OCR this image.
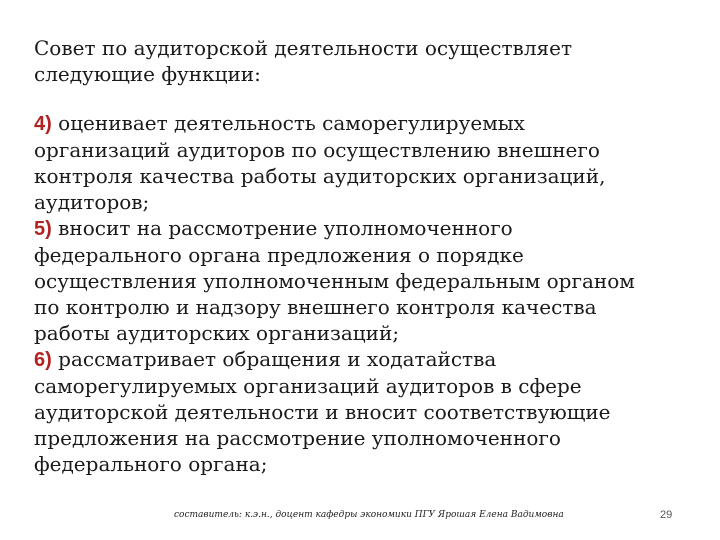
Совет по аудиторской деятельности осуществляет
следующие функции:
4) оценивает деятельность саморегулируемых
организаций аудиторов по осуществлению внешнего
контроля качества работы аудиторских организаций,
аудиторов;
5) вносит на рассмотрение уполномоченного
федерального органа предложения о порядке
осуществления уполномоченным федеральным органом
по контролю и надзору внешнего контроля качества
работы аудиторских организаций;
6) рассматривает обращения и ходатайства
саморегулируемых организаций аудиторов в сфере
аудиторской деятельности и вносит соответствующие
предложения на рассмотрение уполномоченного
федерального органа;
составитель: к.э.н., доцент кафедры экономики ПГУ Ярошая Елена Вадимовна	29
